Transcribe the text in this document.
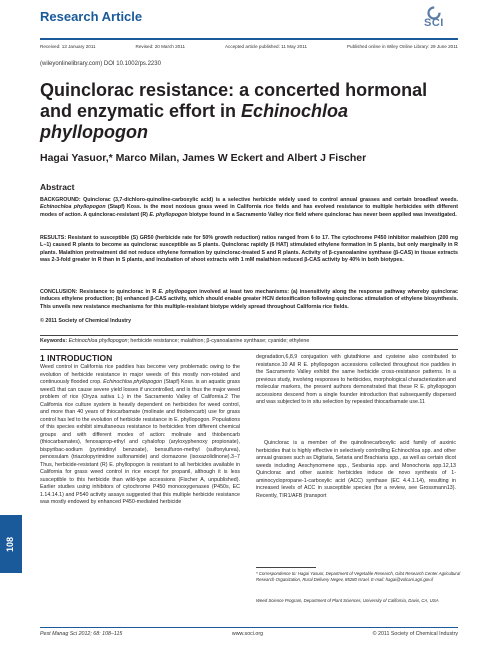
Research Article	SCI
Received: 13 January 2011	Revised: 20 March 2011	Accepted article published: 11 May 2011	Published online in Wiley Online Library: 29 June 2011
(wileyonlinelibrary.com) DOI 10.1002/ps.2230
Quinclorac resistance: a concerted hormonal and enzymatic effort in Echinochloa phyllopogon
Hagai Yasuor,* Marco Milan, James W Eckert and Albert J Fischer
Abstract

BACKGROUND: Quinclorac (3,7-dichloro-quinoline-carboxylic acid) is a selective herbicide widely used to control annual grasses and certain broadleaf weeds. Echinochloa phyllopogon (Stapf) Koss. is the most noxious grass weed in California rice fields and has evolved resistance to multiple herbicides with different modes of action. A quinclorac-resistant (R) E. phyllopogon biotype found in a Sacramento Valley rice field where quinclorac has never been applied was investigated.

RESULTS: Resistant to susceptible (S) GR50 (herbicide rate for 50% growth reduction) ratios ranged from 6 to 17. The cytochrome P450 inhibitor malathion (200 mg L−1) caused R plants to become as quinclorac susceptible as S plants. Quinclorac rapidly (6 HAT) stimulated ethylene formation in S plants, but only marginally in R plants. Malathion pretreatment did not reduce ethylene formation by quinclorac-treated S and R plants. Activity of β-cyanoalanine synthase (β-CAS) in tissue extracts was 2-3-fold greater in R than in S plants, and incubation of shoot extracts with 1 mM malathion reduced β-CAS activity by 40% in both biotypes.

CONCLUSION: Resistance to quinclorac in R E. phyllopogon involved at least two mechanisms: (a) insensitivity along the response pathway whereby quinclorac induces ethylene production; (b) enhanced β-CAS activity, which should enable greater HCN detoxification following quinclorac stimulation of ethylene biosynthesis. This unveils new resistance mechanisms for this multiple-resistant biotype widely spread throughout California rice fields.

© 2011 Society of Chemical Industry
Keywords: Echinochloa phyllopogon; herbicide resistance; malathion; β-cyanoalanine synthase; cyanide; ethylene
1 INTRODUCTION

Weed control in California rice paddies has become very problematic owing to the evolution of herbicide resistance in major weeds of this mostly non-rotated and continuously flooded crop. Echinochloa phyllopogon (Stapf) Koss. is an aquatic grass weed1 that can cause severe yield losses if uncontrolled, and is thus the major weed problem of rice (Oryza sativa L.) in the Sacramento Valley of California.2 The California rice culture system is heavily dependent on herbicides for weed control, and more than 40 years of thiocarbamate (molinate and thiobencarb) use for grass control has led to the evolution of herbicide resistance in E. phyllopogon. Populations of this species exhibit simultaneous resistance to herbicides from different chemical groups and with different modes of action: molinate and thiobencarb (thiocarbamates), fenoxaprop-ethyl and cyhalofop (aryloxyphenoxy propionate), bispyribac-sodium (pyrimidinyl benzoate), bensulfuron-methyl (sulfonylurea), penoxsulam (triazolopyrimidine sulfonamide) and clomazone (isoxazolidinone).3−7 Thus, herbicide-resistant (R) E. phyllopogon is resistant to all herbicides available in California for grass weed control in rice except for propanil, although it is less susceptible to this herbicide than wild-type accessions (Fischer A, unpublished). Earlier studies using inhibitors of cytochrome P450 monooxygenases (P450s, EC 1.14.14.1) and P540 activity assays suggested that this multiple herbicide resistance was mostly endowed by enhanced P450-mediated herbicide

degradation,6,8,9 conjugation with glutathione and cysteine also contributed to resistance.10 All R E. phyllopogon accessions collected throughout rice paddies in the Sacramento Valley exhibit the same herbicide cross-resistance patterns. In a previous study, involving responses to herbicides, morphological characterization and molecular markers, the present authors demonstrated that these R E. phyllopogon accessions descend from a single founder introduction that subsequently dispersed and was subjected to in situ selection by repeated thiocarbamate use.11

Quinclorac is a member of the quinolinecarboxylic acid family of auxinic herbicides that is highly effective in selectively controlling Echinochloa spp. and other annual grasses such as Digitaria, Setaria and Brachiaria spp., as well as certain dicot weeds including Aeschynomene spp., Sesbania spp. and Monochoria spp.12,13 Quinclorac and other auxinic herbicides induce de novo synthesis of 1-aminocyclopropane-1-carboxylic acid (ACC) synthase (EC 4.4.1.14), resulting in increased levels of ACC in susceptible species (for a review, see Grossmann13). Recently, TIR1/AFB (transport

* Correspondence to: Hagai Yasuor, Department of Vegetable Research, Gilat Research Center Agricultural Research Organization, Rural Delivery Negev, 85280 Israel. E-mail: hagai@volcani.agri.gov.il

Weed Science Program, Department of Plant Sciences, University of California, Davis, CA, USA

108
Pest Manag Sci 2012; 68: 108–115	www.soci.org	© 2011 Society of Chemical Industry
